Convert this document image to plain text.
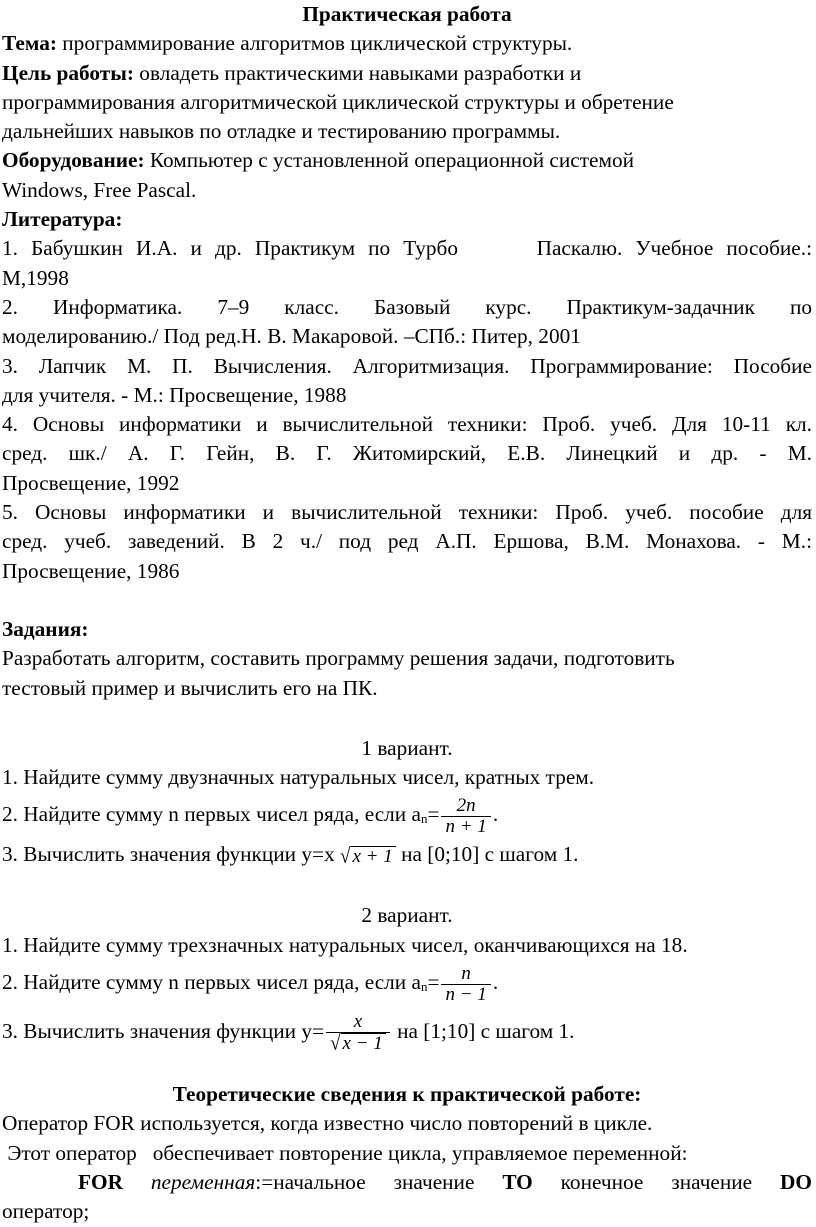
Практическая работа

Тема: программирование алгоритмов циклической структуры.

Цель работы: овладеть практическими навыками разработки и

программирования алгоритмической циклической структуры и обретение

дальнейших навыков по отладке и тестированию программы.

Оборудование: Компьютер с установленной операционной системой

Windows, Free Pascal.

Литература:

1. Бабушкин И.А. и др. Практикум по Турбо      Паскалю. Учебное пособие.:

М,1998

2. Информатика. 7–9 класс. Базовый курс. Практикум-задачник по

моделированию./ Под ред.Н. В. Макаровой. –СПб.: Питер, 2001

3. Лапчик М. П. Вычисления. Алгоритмизация. Программирование: Пособие

для учителя. - М.: Просвещение, 1988

4. Основы информатики и вычислительной техники: Проб. учеб. Для 10-11 кл.

сред. шк./ А. Г. Гейн, В. Г. Житомирский, Е.В. Линецкий и др. - М.

Просвещение, 1992

5. Основы информатики и вычислительной техники: Проб. учеб. пособие для

сред. учеб. заведений. В 2 ч./ под ред А.П. Ершова, В.М. Монахова. - М.:

Просвещение, 1986

Задания:

Разработать алгоритм, составить программу решения задачи, подготовить

тестовый пример и вычислить его на ПК.

1 вариант.

1. Найдите сумму двузначных натуральных чисел, кратных трем.

2. Найдите сумму n первых чисел ряда, если $an= \frac{2n}{n + 1}$ .
3. Вычислить значения функции y=x √ x + 1 на [0;10] с шагом 1.

2 вариант.

1. Найдите сумму трехзначных натуральных чисел, оканчивающихся на 18.

2. Найдите сумму n первых чисел ряда, если $an= \frac{n}{n - 1}$ .
3. Вычислить значения функции $y= \frac{x}{√ x - 1}$ на [1;10] с шагом 1.

Теоретические сведения к практической работе:

Оператор FOR используется, когда известно число повторений в цикле.

Этот оператор   обеспечивает повторение цикла, управляемое переменной:

FOR переменная:=начальное значение TO конечное значение DO

оператор;
